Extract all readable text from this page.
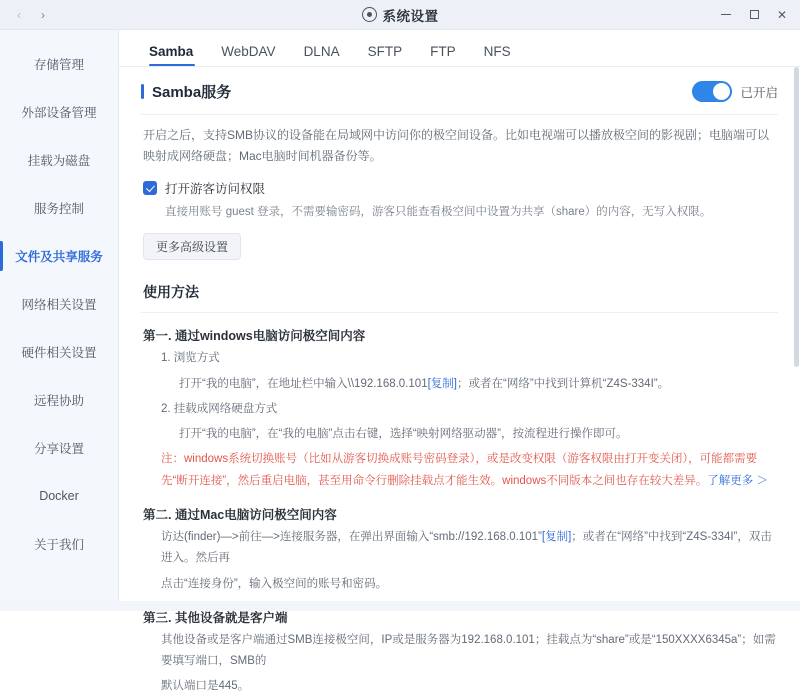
‹	›	系统设置	✕
存储管理
外部设备管理
挂载为磁盘
服务控制
文件及共享服务
网络相关设置
硬件相关设置
远程协助
分享设置
Docker
关于我们
Samba	WebDAV	DLNA	SFTP	FTP	NFS
Samba服务	已开启
开启之后，支持SMB协议的设备能在局域网中访问你的极空间设备。比如电视端可以播放极空间的影视剧；电脑端可以映射成网络硬盘；Mac电脑时间机器备份等。
打开游客访问权限
直接用账号 guest 登录，不需要输密码，游客只能查看极空间中设置为共享（share）的内容，无写入权限。
更多高级设置
使用方法
第一. 通过windows电脑访问极空间内容
1. 浏览方式
打开“我的电脑”，在地址栏中输入\\192.168.0.101[复制]；或者在“网络”中找到计算机“Z4S-334I”。
2. 挂载成网络硬盘方式
打开“我的电脑”，在“我的电脑”点击右键，选择“映射网络驱动器”，按流程进行操作即可。
注：windows系统切换账号（比如从游客切换成账号密码登录），或是改变权限（游客权限由打开变关闭），可能都需要先“断开连接”，然后重启电脑，甚至用命令行删除挂载点才能生效。windows不同版本之间也存在较大差异。了解更多 ＞
第二. 通过Mac电脑访问极空间内容
访达(finder)—>前往—>连接服务器，在弹出界面输入“smb://192.168.0.101”[复制]；或者在“网络”中找到“Z4S-334I”，双击进入。然后再
点击“连接身份”，输入极空间的账号和密码。
第三. 其他设备就是客户端
其他设备或是客户端通过SMB连接极空间，IP或是服务器为192.168.0.101；挂载点为“share”或是“150XXXX6345a”；如需要填写端口，SMB的
默认端口是445。
